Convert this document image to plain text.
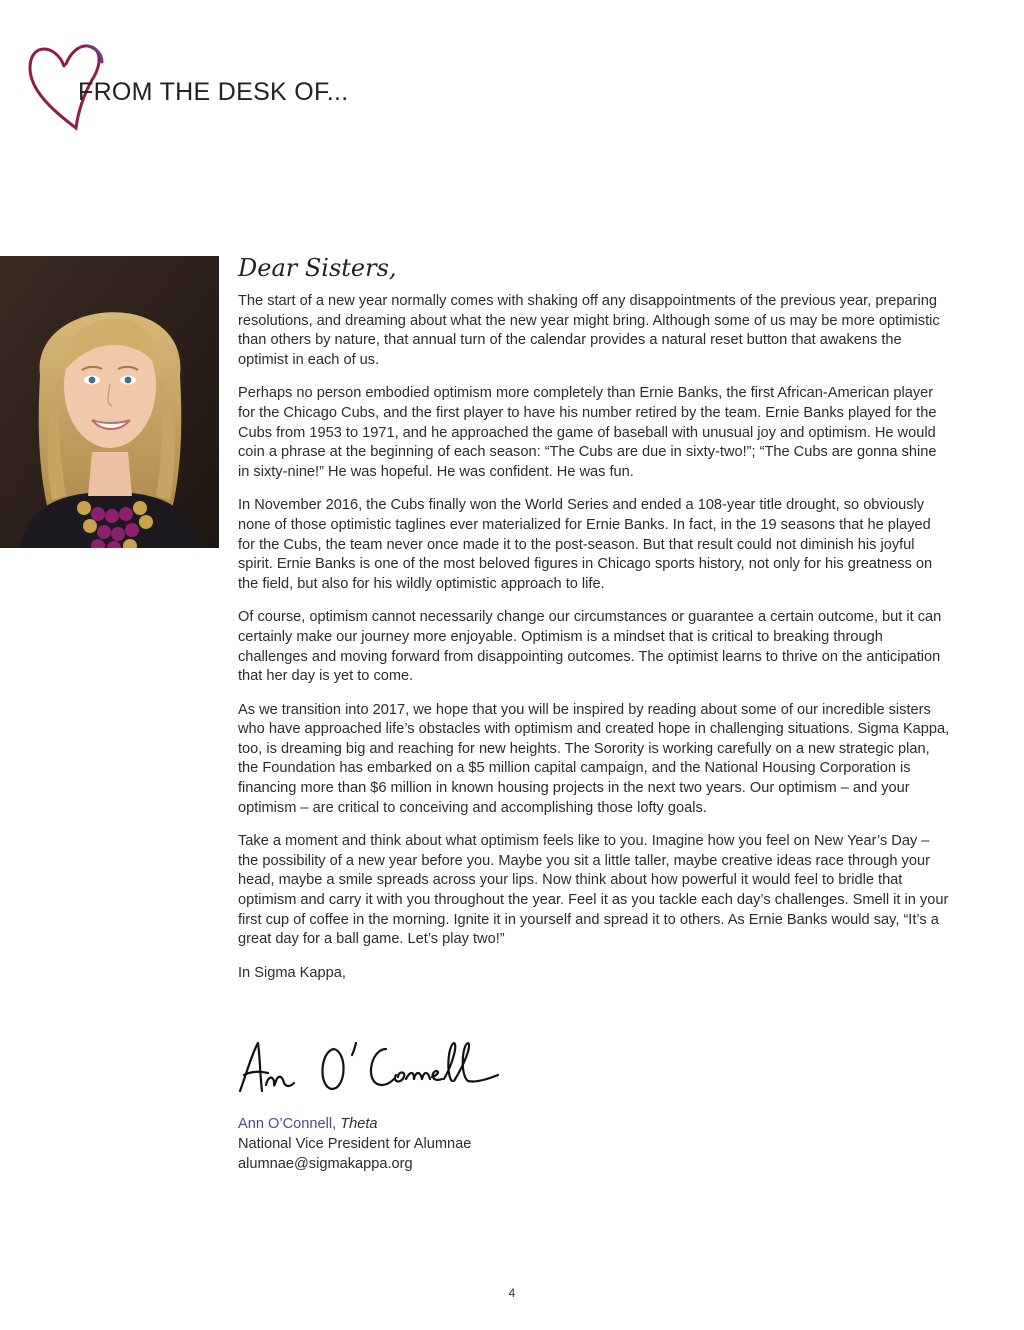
FROM THE DESK OF...
Dear Sisters,

The start of a new year normally comes with shaking off any disappointments of the previous year, preparing resolutions, and dreaming about what the new year might bring. Although some of us may be more optimistic than others by nature, that annual turn of the calendar provides a natural reset button that awakens the optimist in each of us.

Perhaps no person embodied optimism more completely than Ernie Banks, the first African-American player for the Chicago Cubs, and the first player to have his number retired by the team. Ernie Banks played for the Cubs from 1953 to 1971, and he approached the game of baseball with unusual joy and optimism. He would coin a phrase at the beginning of each season: “The Cubs are due in sixty-two!”; “The Cubs are gonna shine in sixty-nine!” He was hopeful. He was confident. He was fun.

In November 2016, the Cubs finally won the World Series and ended a 108-year title drought, so obviously none of those optimistic taglines ever materialized for Ernie Banks. In fact, in the 19 seasons that he played for the Cubs, the team never once made it to the post-season. But that result could not diminish his joyful spirit. Ernie Banks is one of the most beloved figures in Chicago sports history, not only for his greatness on the field, but also for his wildly optimistic approach to life.

Of course, optimism cannot necessarily change our circumstances or guarantee a certain outcome, but it can certainly make our journey more enjoyable. Optimism is a mindset that is critical to breaking through challenges and moving forward from disappointing outcomes. The optimist learns to thrive on the anticipation that her day is yet to come.

As we transition into 2017, we hope that you will be inspired by reading about some of our incredible sisters who have approached life’s obstacles with optimism and created hope in challenging situations. Sigma Kappa, too, is dreaming big and reaching for new heights. The Sorority is working carefully on a new strategic plan, the Foundation has embarked on a $5 million capital campaign, and the National Housing Corporation is financing more than $6 million in known housing projects in the next two years. Our optimism – and your optimism – are critical to conceiving and accomplishing those lofty goals.

Take a moment and think about what optimism feels like to you. Imagine how you feel on New Year’s Day – the possibility of a new year before you. Maybe you sit a little taller, maybe creative ideas race through your head, maybe a smile spreads across your lips. Now think about how powerful it would feel to bridle that optimism and carry it with you throughout the year. Feel it as you tackle each day’s challenges. Smell it in your first cup of coffee in the morning. Ignite it in yourself and spread it to others. As Ernie Banks would say, “It’s a great day for a ball game. Let’s play two!”

In Sigma Kappa,

Ann O’Connell, Theta
National Vice President for Alumnae
alumnae@sigmakappa.org
4
